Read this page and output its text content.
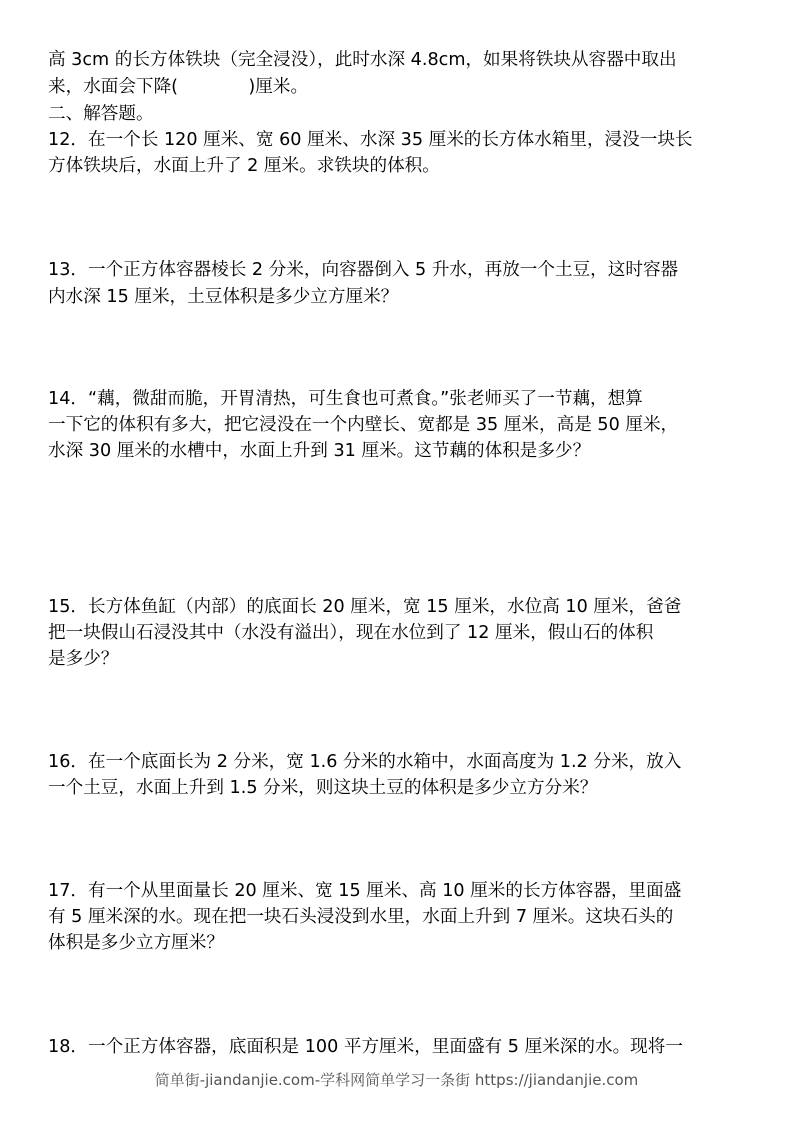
高 3cm 的长方体铁块（完全浸没），此时水深 4.8cm，如果将铁块从容器中取出
来，水面会下降(　　　　)厘米。
二、解答题。
12．在一个长 120 厘米、宽 60 厘米、水深 35 厘米的长方体水箱里，浸没一块长
方体铁块后，水面上升了 2 厘米。求铁块的体积。
13．一个正方体容器棱长 2 分米，向容器倒入 5 升水，再放一个土豆，这时容器
内水深 15 厘米，土豆体积是多少立方厘米？
14．“藕，微甜而脆，开胃清热，可生食也可煮食。”张老师买了一节藕，想算
一下它的体积有多大，把它浸没在一个内壁长、宽都是 35 厘米，高是 50 厘米，
水深 30 厘米的水槽中，水面上升到 31 厘米。这节藕的体积是多少？
15．长方体鱼缸（内部）的底面长 20 厘米，宽 15 厘米，水位高 10 厘米，爸爸
把一块假山石浸没其中（水没有溢出），现在水位到了 12 厘米，假山石的体积
是多少？
16．在一个底面长为 2 分米，宽 1.6 分米的水箱中，水面高度为 1.2 分米，放入
一个土豆，水面上升到 1.5 分米，则这块土豆的体积是多少立方分米？
17．有一个从里面量长 20 厘米、宽 15 厘米、高 10 厘米的长方体容器，里面盛
有 5 厘米深的水。现在把一块石头浸没到水里，水面上升到 7 厘米。这块石头的
体积是多少立方厘米？
18．一个正方体容器，底面积是 100 平方厘米，里面盛有 5 厘米深的水。现将一
简单街-jiandanjie.com-学科网简单学习一条街 https://jiandanjie.com
